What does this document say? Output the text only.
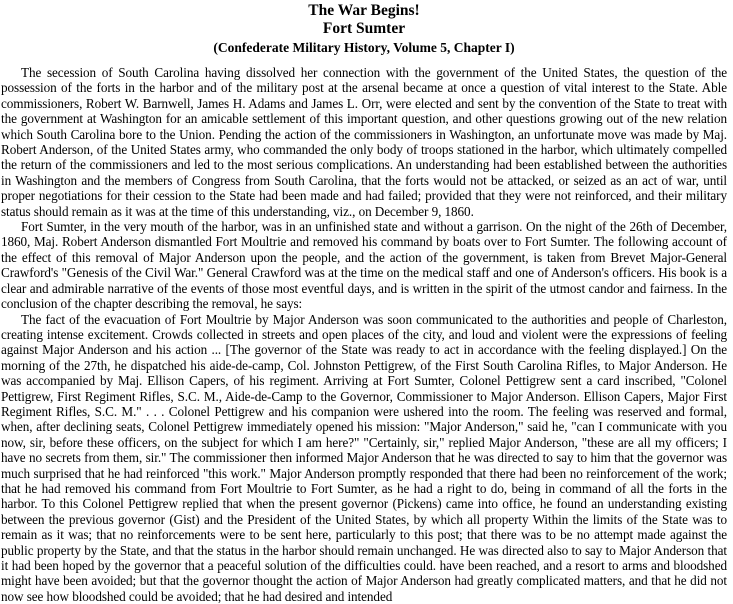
The War Begins!
Fort Sumter
(Confederate Military History, Volume 5, Chapter I)

The secession of South Carolina having dissolved her connection with the government of the United States, the question of the possession of the forts in the harbor and of the military post at the arsenal became at once a question of vital interest to the State. Able commissioners, Robert W. Barnwell, James H. Adams and James L. Orr, were elected and sent by the convention of the State to treat with the government at Washington for an amicable settlement of this important question, and other questions growing out of the new relation which South Carolina bore to the Union. Pending the action of the commissioners in Washington, an unfortunate move was made by Maj. Robert Anderson, of the United States army, who commanded the only body of troops stationed in the harbor, which ultimately compelled the return of the commissioners and led to the most serious complications. An understanding had been established between the authorities in Washington and the members of Congress from South Carolina, that the forts would not be attacked, or seized as an act of war, until proper negotiations for their cession to the State had been made and had failed; provided that they were not reinforced, and their military status should remain as it was at the time of this understanding, viz., on December 9, 1860.

Fort Sumter, in the very mouth of the harbor, was in an unfinished state and without a garrison. On the night of the 26th of December, 1860, Maj. Robert Anderson dismantled Fort Moultrie and removed his command by boats over to Fort Sumter. The following account of the effect of this removal of Major Anderson upon the people, and the action of the government, is taken from Brevet Major-General Crawford's "Genesis of the Civil War." General Crawford was at the time on the medical staff and one of Anderson's officers. His book is a clear and admirable narrative of the events of those most eventful days, and is written in the spirit of the utmost candor and fairness. In the conclusion of the chapter describing the removal, he says:

The fact of the evacuation of Fort Moultrie by Major Anderson was soon communicated to the authorities and people of Charleston, creating intense excitement. Crowds collected in streets and open places of the city, and loud and violent were the expressions of feeling against Major Anderson and his action ... [The governor of the State was ready to act in accordance with the feeling displayed.] On the morning of the 27th, he dispatched his aide-de-camp, Col. Johnston Pettigrew, of the First South Carolina Rifles, to Major Anderson. He was accompanied by Maj. Ellison Capers, of his regiment. Arriving at Fort Sumter, Colonel Pettigrew sent a card inscribed, "Colonel Pettigrew, First Regiment Rifles, S.C. M., Aide-de-Camp to the Governor, Commissioner to Major Anderson. Ellison Capers, Major First Regiment Rifles, S.C. M." . . . Colonel Pettigrew and his companion were ushered into the room. The feeling was reserved and formal, when, after declining seats, Colonel Pettigrew immediately opened his mission: "Major Anderson," said he, "can I communicate with you now, sir, before these officers, on the subject for which I am here?" "Certainly, sir," replied Major Anderson, "these are all my officers; I have no secrets from them, sir." The commissioner then informed Major Anderson that he was directed to say to him that the governor was much surprised that he had reinforced "this work." Major Anderson promptly responded that there had been no reinforcement of the work; that he had removed his command from Fort Moultrie to Fort Sumter, as he had a right to do, being in command of all the forts in the harbor. To this Colonel Pettigrew replied that when the present governor (Pickens) came into office, he found an understanding existing between the previous governor (Gist) and the President of the United States, by which all property Within the limits of the State was to remain as it was; that no reinforcements were to be sent here, particularly to this post; that there was to be no attempt made against the public property by the State, and that the status in the harbor should remain unchanged. He was directed also to say to Major Anderson that it had been hoped by the governor that a peaceful solution of the difficulties could. have been reached, and a resort to arms and bloodshed might have been avoided; but that the governor thought the action of Major Anderson had greatly complicated matters, and that he did not now see how bloodshed could be avoided; that he had desired and intended
